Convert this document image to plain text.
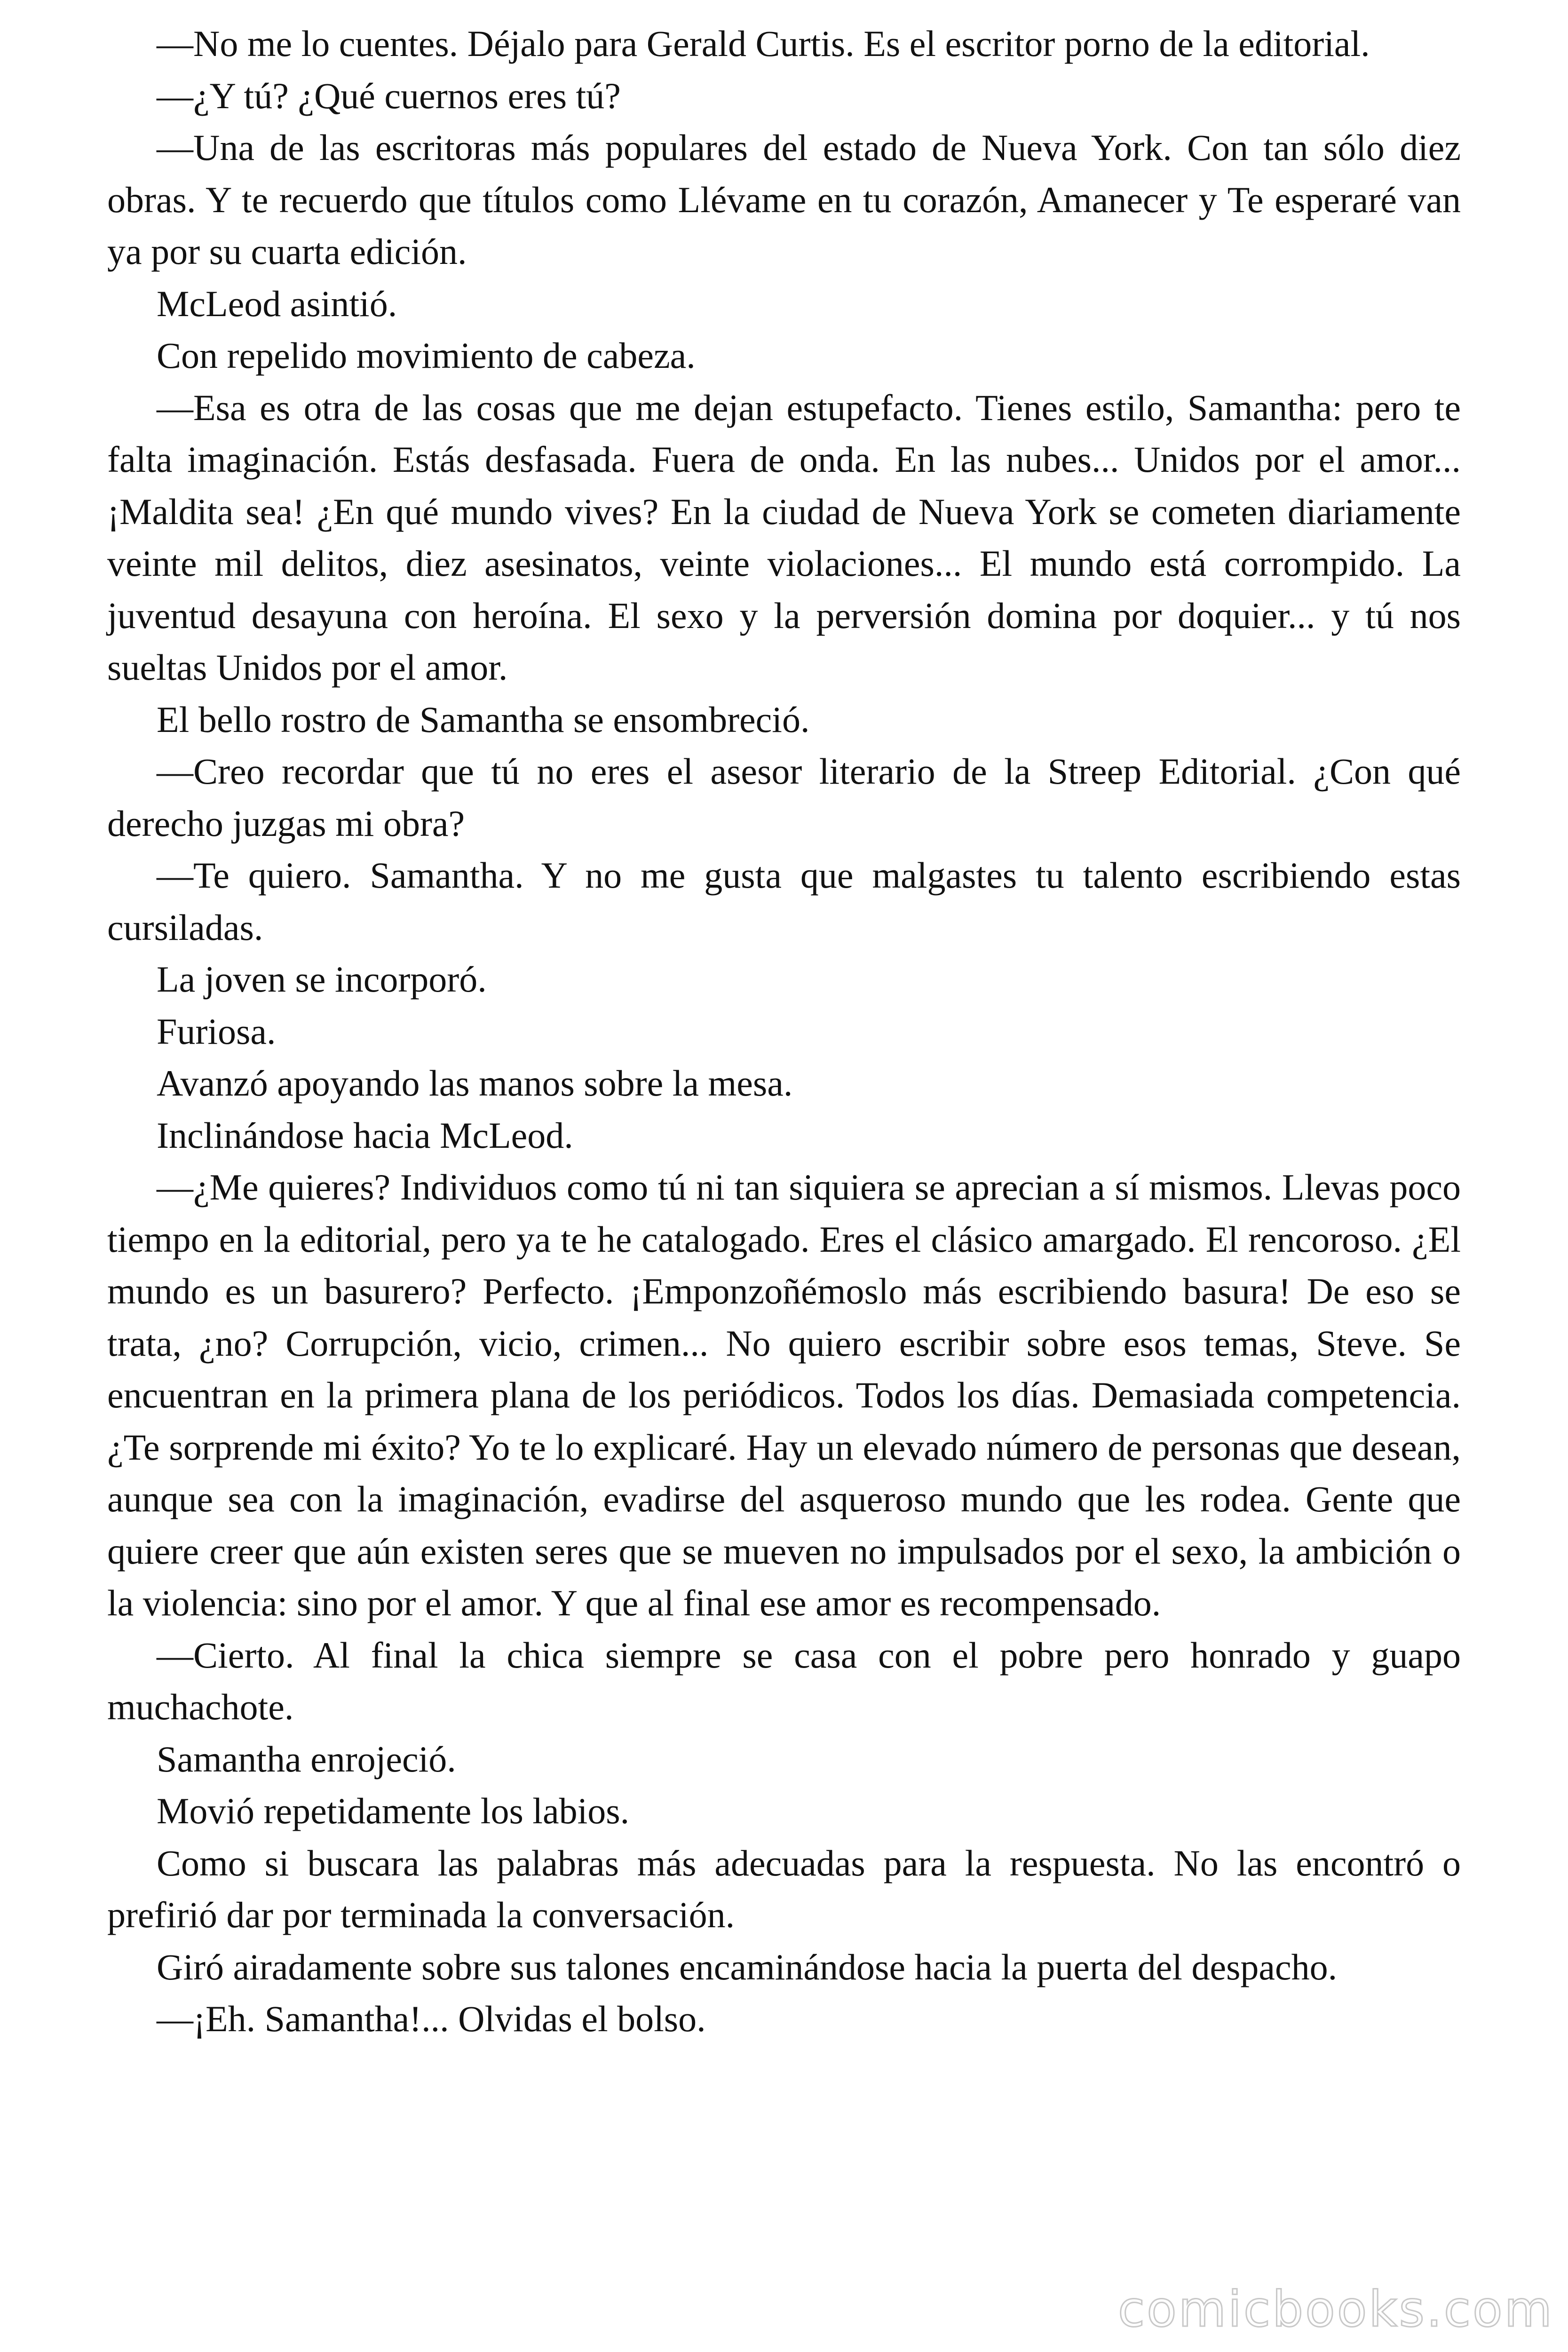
—No me lo cuentes. Déjalo para Gerald Curtis. Es el escritor porno de la editorial.

—¿Y tú? ¿Qué cuernos eres tú?

—Una de las escritoras más populares del estado de Nueva York. Con tan sólo diez obras. Y te recuerdo que títulos como Llévame en tu corazón, Amanecer y Te esperaré van ya por su cuarta edición.

McLeod asintió.

Con repelido movimiento de cabeza.

—Esa es otra de las cosas que me dejan estupefacto. Tienes estilo, Samantha: pero te falta imaginación. Estás desfasada. Fuera de onda. En las nubes... Unidos por el amor... ¡Maldita sea! ¿En qué mundo vives? En la ciudad de Nueva York se cometen diariamente veinte mil delitos, diez asesinatos, veinte violaciones... El mundo está corrompido. La juventud desayuna con heroína. El sexo y la perversión domina por doquier... y tú nos sueltas Unidos por el amor.

El bello rostro de Samantha se ensombreció.

—Creo recordar que tú no eres el asesor literario de la Streep Editorial. ¿Con qué derecho juzgas mi obra?

—Te quiero. Samantha. Y no me gusta que malgastes tu talento escribiendo estas cursiladas.

La joven se incorporó.

Furiosa.

Avanzó apoyando las manos sobre la mesa.

Inclinándose hacia McLeod.

—¿Me quieres? Individuos como tú ni tan siquiera se aprecian a sí mismos. Llevas poco tiempo en la editorial, pero ya te he catalogado. Eres el clásico amargado. El rencoroso. ¿El mundo es un basurero? Perfecto. ¡Emponzoñémoslo más escribiendo basura! De eso se trata, ¿no? Corrupción, vicio, crimen... No quiero escribir sobre esos temas, Steve. Se encuentran en la primera plana de los periódicos. Todos los días. Demasiada competencia. ¿Te sorprende mi éxito? Yo te lo explicaré. Hay un elevado número de personas que desean, aunque sea con la imaginación, evadirse del asqueroso mundo que les rodea. Gente que quiere creer que aún existen seres que se mueven no impulsados por el sexo, la ambición o la violencia: sino por el amor. Y que al final ese amor es recompensado.

—Cierto. Al final la chica siempre se casa con el pobre pero honrado y guapo muchachote.

Samantha enrojeció.

Movió repetidamente los labios.

Como si buscara las palabras más adecuadas para la respuesta. No las encontró o prefirió dar por terminada la conversación.

Giró airadamente sobre sus talones encaminándose hacia la puerta del despacho.

—¡Eh. Samantha!... Olvidas el bolso.

comicbooks.com
